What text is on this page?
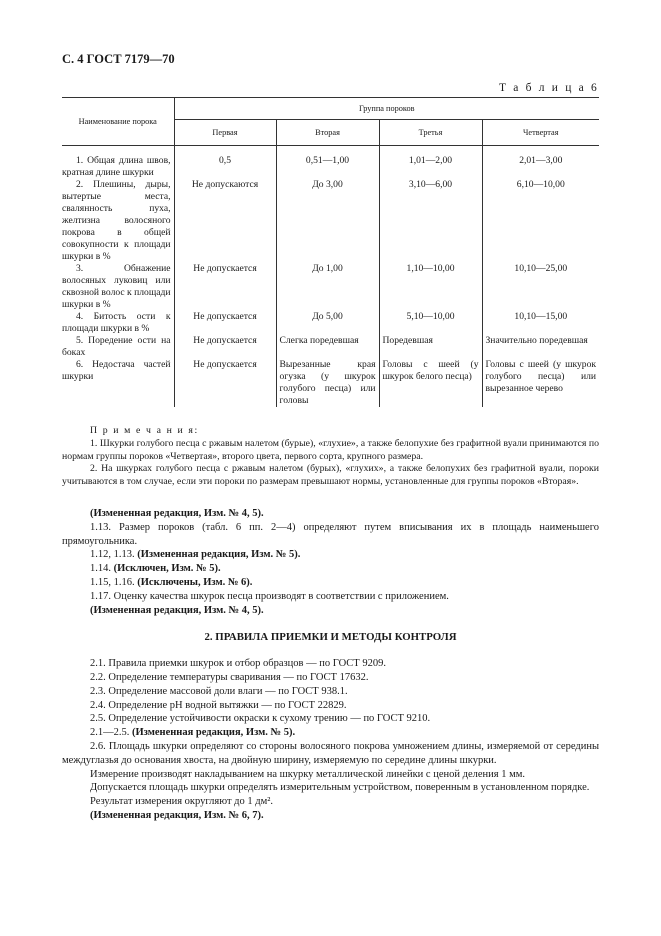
С. 4 ГОСТ 7179—70
Т а б л и ц а 6
Наименование порока	Группа пороков			
	Первая	Вторая	Третья	Четвертая

1. Общая длина швов, кратная длине шкурки	0,5	0,51—1,00	1,01—2,00	2,01—3,00
2. Плешины, дыры, вытертые места, свалянность пуха, желтизна волосяного покрова в общей совокупности к площади шкурки в %	Не допускаются	До 3,00	3,10—6,00	6,10—10,00
3. Обнажение волосяных луковиц или сквозной волос к площади шкурки в %	Не допускается	До 1,00	1,10—10,00	10,10—25,00
4. Битость ости к площади шкурки в %	Не допускается	До 5,00	5,10—10,00	10,10—15,00
5. Поредение ости на боках	Не допускается	Слегка поредевшая	Поредевшая	Значительно поредевшая
6. Недостача частей шкурки	Не допускается	Вырезанные края огузка (у шкурок голубого песца) или головы	Головы с шеей (у шкурок белого песца)	Головы с шеей (у шкурок голубого песца) или вырезанное черево

П р и м е ч а н и я:

1. Шкурки голубого песца с ржавым налетом (бурые), «глухие», а также белопухие без графитной вуали принимаются по нормам группы пороков «Четвертая», второго цвета, первого сорта, крупного размера.

2. На шкурках голубого песца с ржавым налетом (бурых), «глухих», а также белопухих без графитной вуали, пороки учитываются в том случае, если эти пороки по размерам превышают нормы, установленные для группы пороков «Вторая».

(Измененная редакция, Изм. № 4, 5).

1.13. Размер пороков (табл. 6 пп. 2—4) определяют путем вписывания их в площадь наименьшего прямоугольника.

1.12, 1.13. (Измененная редакция, Изм. № 5).

1.14. (Исключен, Изм. № 5).

1.15, 1.16. (Исключены, Изм. № 6).

1.17. Оценку качества шкурок песца производят в соответствии с приложением.

(Измененная редакция, Изм. № 4, 5).

2. ПРАВИЛА ПРИЕМКИ И МЕТОДЫ КОНТРОЛЯ

2.1. Правила приемки шкурок и отбор образцов — по ГОСТ 9209.

2.2. Определение температуры сваривания — по ГОСТ 17632.

2.3. Определение массовой доли влаги — по ГОСТ 938.1.

2.4. Определение рН водной вытяжки — по ГОСТ 22829.

2.5. Определение устойчивости окраски к сухому трению — по ГОСТ 9210.

2.1—2.5. (Измененная редакция, Изм. № 5).

2.6. Площадь шкурки определяют со стороны волосяного покрова умножением длины, измеряемой от середины междуглазья до основания хвоста, на двойную ширину, измеряемую по середине длины шкурки.

Измерение производят накладыванием на шкурку металлической линейки с ценой деления 1 мм.

Допускается площадь шкурки определять измерительным устройством, поверенным в установленном порядке.

Результат измерения округляют до 1 дм².

(Измененная редакция, Изм. № 6, 7).
